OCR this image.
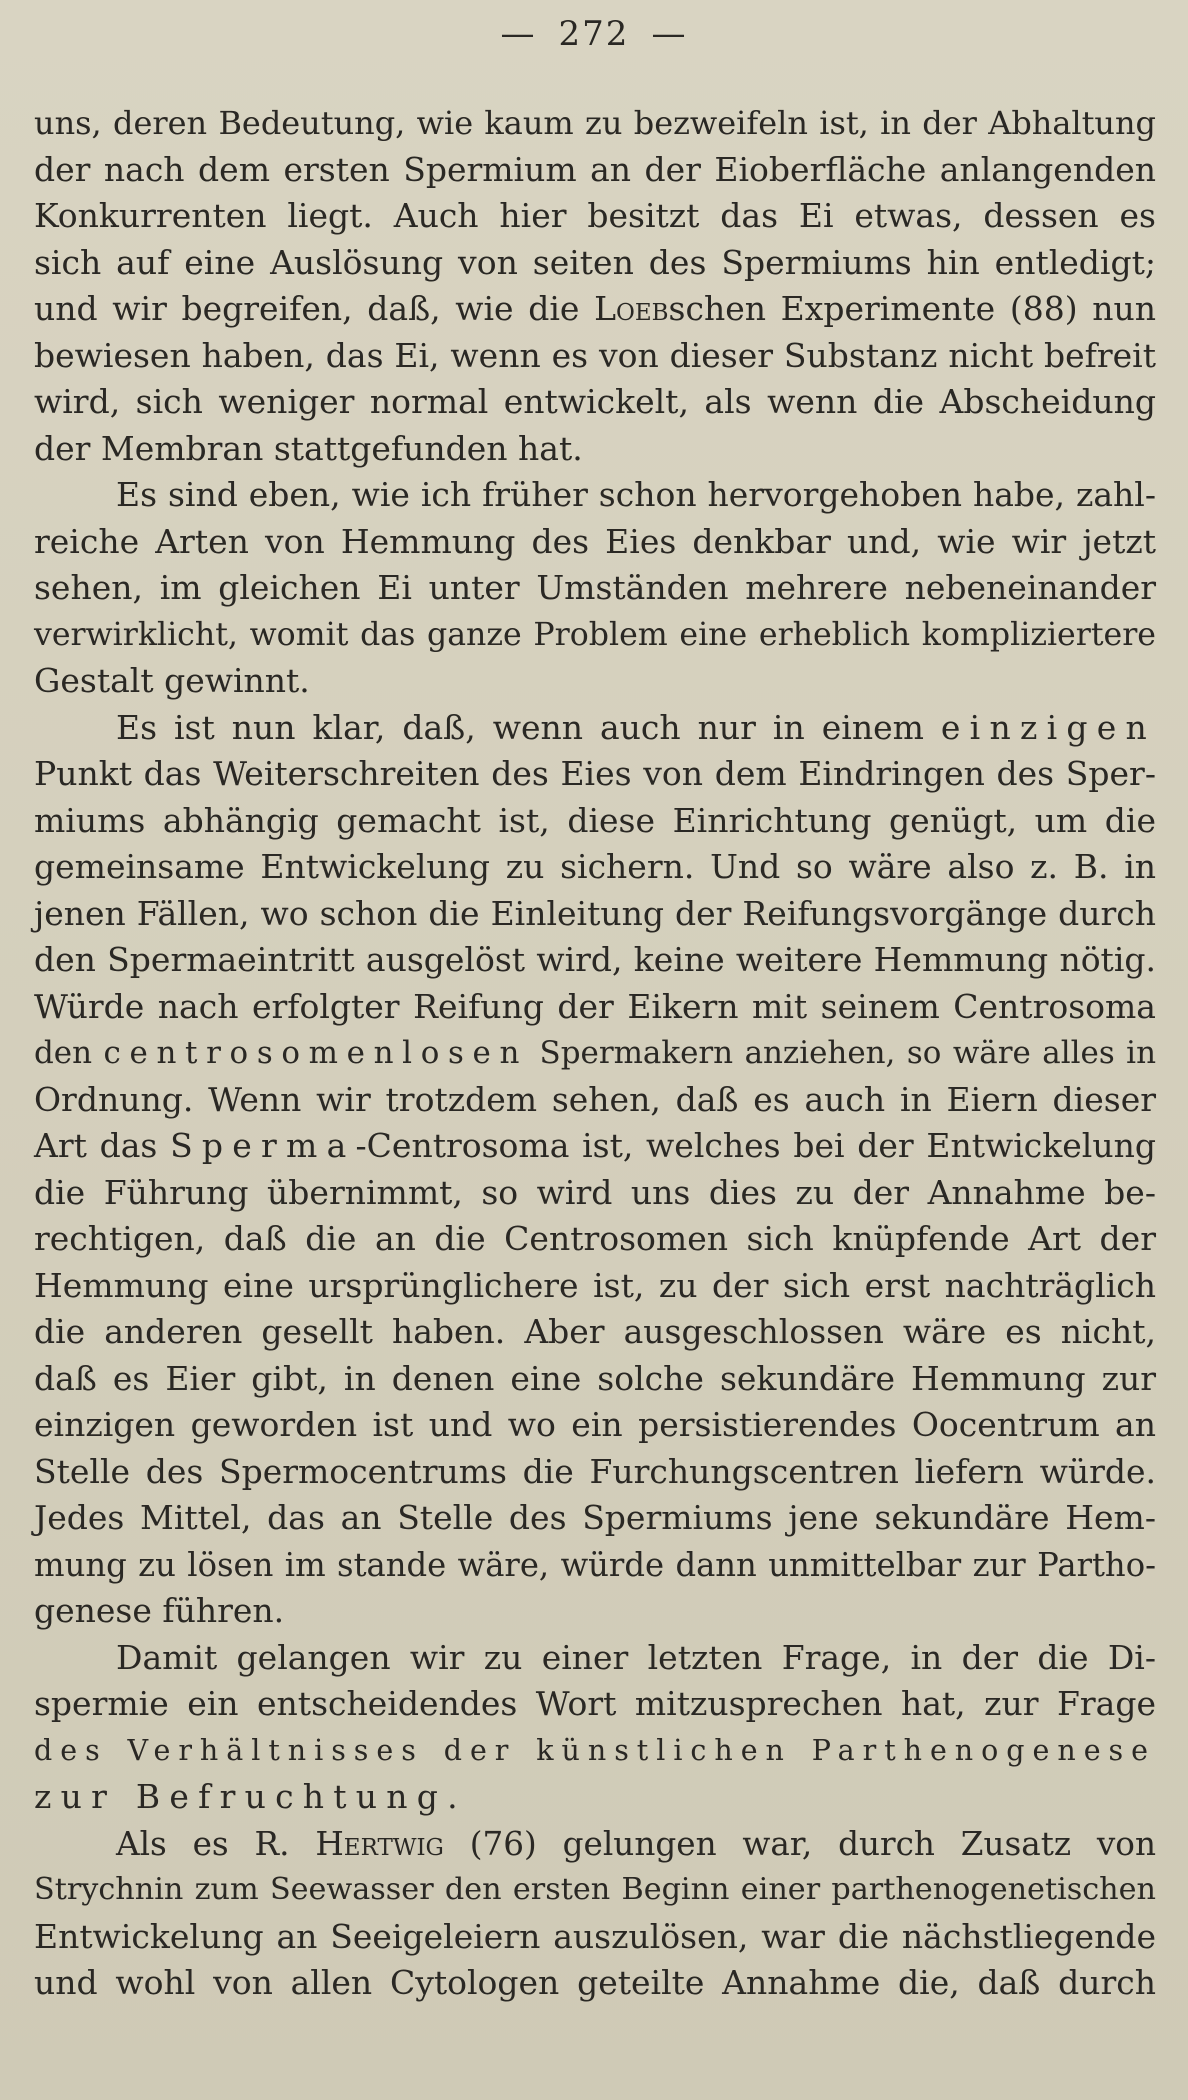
— 272 —
uns, deren Bedeutung, wie kaum zu bezweifeln ist, in der Abhaltung
der nach dem ersten Spermium an der Eioberfläche anlangenden
Konkurrenten liegt. Auch hier besitzt das Ei etwas, dessen es
sich auf eine Auslösung von seiten des Spermiums hin entledigt;
und wir begreifen, daß, wie die Loebschen Experimente (88) nun
bewiesen haben, das Ei, wenn es von dieser Substanz nicht befreit
wird, sich weniger normal entwickelt, als wenn die Abscheidung
der Membran stattgefunden hat.
Es sind eben, wie ich früher schon hervorgehoben habe, zahl-
reiche Arten von Hemmung des Eies denkbar und, wie wir jetzt
sehen, im gleichen Ei unter Umständen mehrere nebeneinander
verwirklicht, womit das ganze Problem eine erheblich kompliziertere
Gestalt gewinnt.
Es ist nun klar, daß, wenn auch nur in einem einzigen
Punkt das Weiterschreiten des Eies von dem Eindringen des Sper-
miums abhängig gemacht ist, diese Einrichtung genügt, um die
gemeinsame Entwickelung zu sichern. Und so wäre also z. B. in
jenen Fällen, wo schon die Einleitung der Reifungsvorgänge durch
den Spermaeintritt ausgelöst wird, keine weitere Hemmung nötig.
Würde nach erfolgter Reifung der Eikern mit seinem Centrosoma
den centrosomenlosen Spermakern anziehen, so wäre alles in
Ordnung. Wenn wir trotzdem sehen, daß es auch in Eiern dieser
Art das Sperma-Centrosoma ist, welches bei der Entwickelung
die Führung übernimmt, so wird uns dies zu der Annahme be-
rechtigen, daß die an die Centrosomen sich knüpfende Art der
Hemmung eine ursprünglichere ist, zu der sich erst nachträglich
die anderen gesellt haben. Aber ausgeschlossen wäre es nicht,
daß es Eier gibt, in denen eine solche sekundäre Hemmung zur
einzigen geworden ist und wo ein persistierendes Oocentrum an
Stelle des Spermocentrums die Furchungscentren liefern würde.
Jedes Mittel, das an Stelle des Spermiums jene sekundäre Hem-
mung zu lösen im stande wäre, würde dann unmittelbar zur Partho-
genese führen.
Damit gelangen wir zu einer letzten Frage, in der die Di-
spermie ein entscheidendes Wort mitzusprechen hat, zur Frage
des Verhältnisses der künstlichen Parthenogenese
zur Befruchtung.
Als es R. Hertwig (76) gelungen war, durch Zusatz von
Strychnin zum Seewasser den ersten Beginn einer parthenogenetischen
Entwickelung an Seeigeleiern auszulösen, war die nächstliegende
und wohl von allen Cytologen geteilte Annahme die, daß durch
